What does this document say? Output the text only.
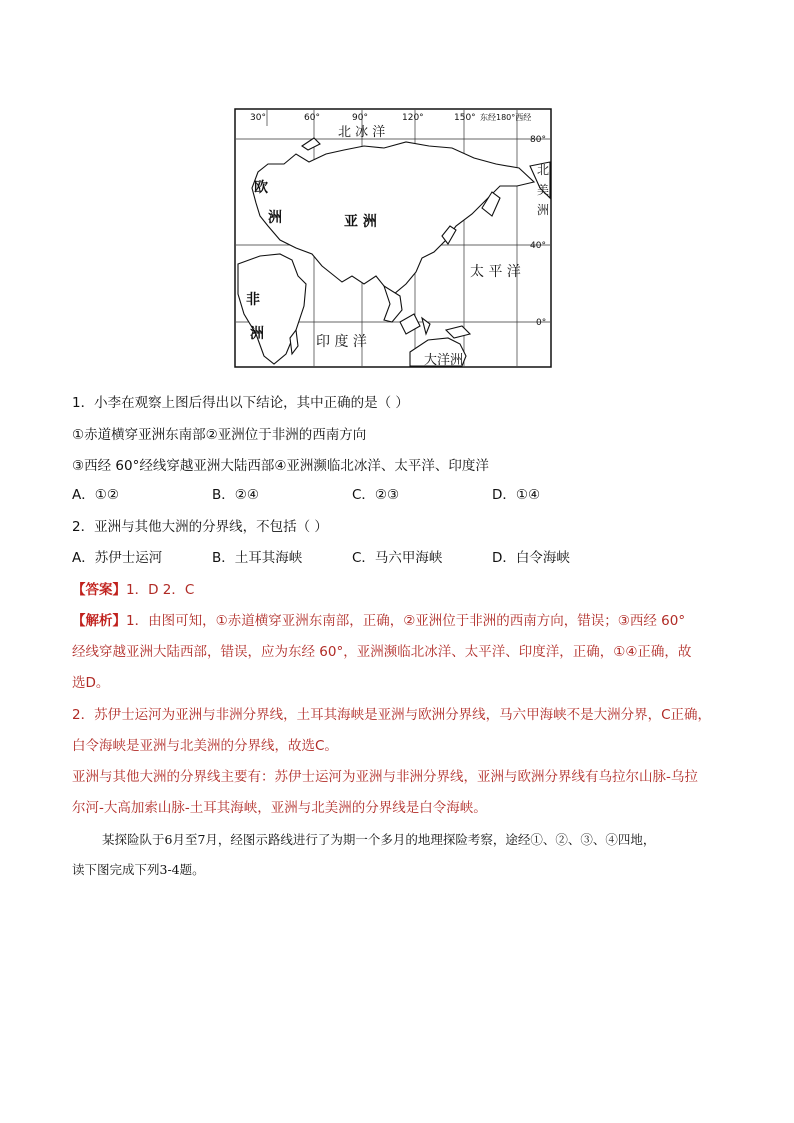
30°	60°	90°	120°	150° 东经180°西经
80°
40°
0°
北 冰 洋
太 平 洋
印 度 洋
欧
洲	亚 洲
非
洲
大洋洲
北
美
洲
1．小李在观察上图后得出以下结论，其中正确的是（ ）
①赤道横穿亚洲东南部②亚洲位于非洲的西南方向
③西经 60°经线穿越亚洲大陆西部④亚洲濒临北冰洋、太平洋、印度洋
A．①②	B．②④	C．②③	D．①④
2．亚洲与其他大洲的分界线，不包括（ ）
A．苏伊士运河	B．土耳其海峡	C．马六甲海峡	D．白令海峡
【答案】1．D 2．C
【解析】1．由图可知，①赤道横穿亚洲东南部，正确，②亚洲位于非洲的西南方向，错误；③西经 60°
经线穿越亚洲大陆西部，错误，应为东经 60°，亚洲濒临北冰洋、太平洋、印度洋，正确，①④正确，故
选D。
2．苏伊士运河为亚洲与非洲分界线，土耳其海峡是亚洲与欧洲分界线，马六甲海峡不是大洲分界，C正确，
白令海峡是亚洲与北美洲的分界线，故选C。
亚洲与其他大洲的分界线主要有：苏伊士运河为亚洲与非洲分界线，亚洲与欧洲分界线有乌拉尔山脉-乌拉
尔河-大高加索山脉-土耳其海峡，亚洲与北美洲的分界线是白令海峡。
某探险队于6月至7月，经图示路线进行了为期一个多月的地理探险考察，途经①、②、③、④四地，
读下图完成下列3-4题。
